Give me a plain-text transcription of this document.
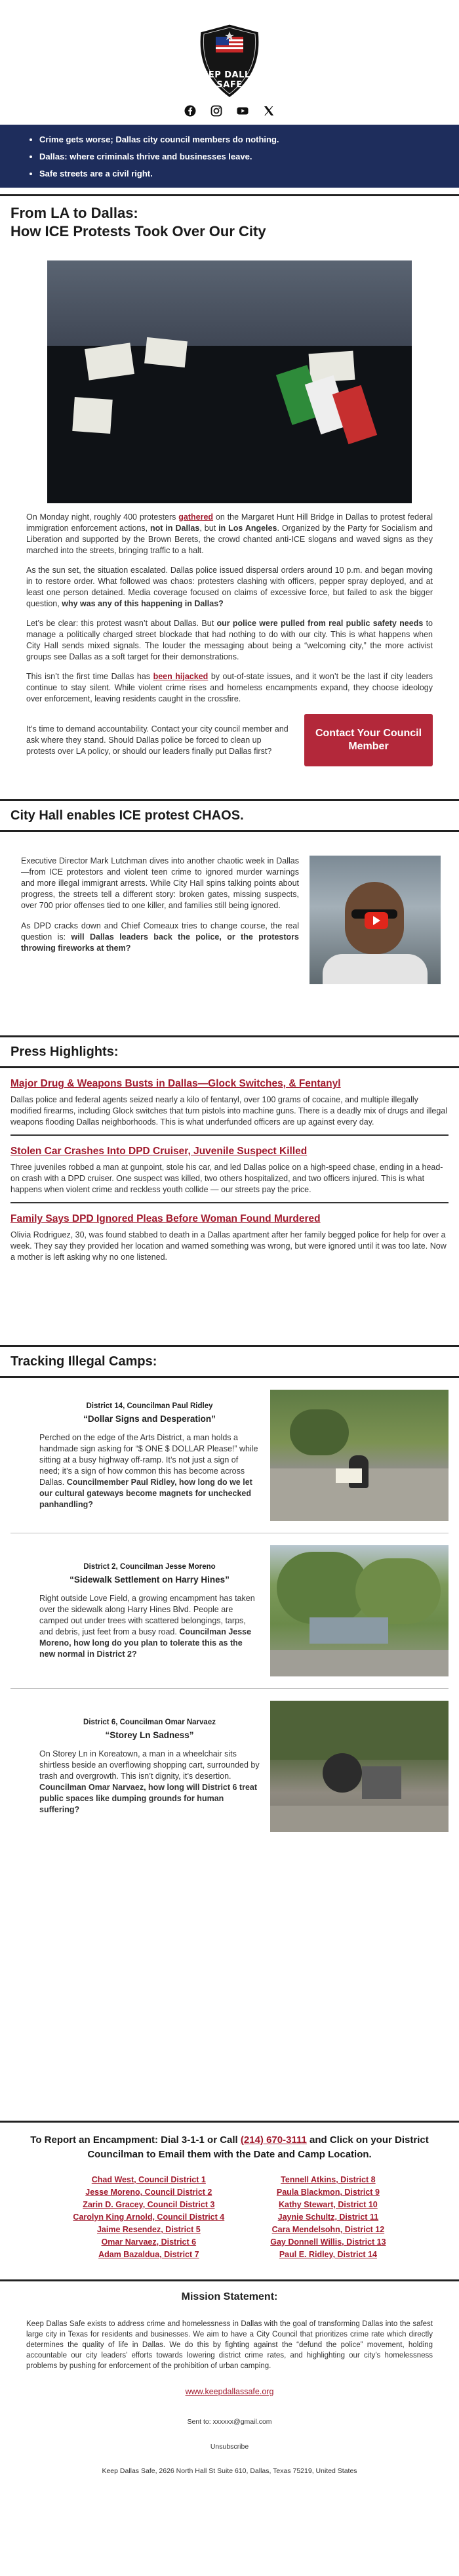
KEEP DALLAS
SAFE
• Crime gets worse; Dallas city council members do nothing.
• Dallas: where criminals thrive and businesses leave.
• Safe streets are a civil right.
From LA to Dallas:
How ICE Protests Took Over Our City

On Monday night, roughly 400 protesters gathered on the Margaret Hunt Hill Bridge in Dallas to protest federal immigration enforcement actions, not in Dallas, but in Los Angeles. Organized by the Party for Socialism and Liberation and supported by the Brown Berets, the crowd chanted anti-ICE slogans and waved signs as they marched into the streets, bringing traffic to a halt.

As the sun set, the situation escalated. Dallas police issued dispersal orders around 10 p.m. and began moving in to restore order. What followed was chaos: protesters clashing with officers, pepper spray deployed, and at least one person detained. Media coverage focused on claims of excessive force, but failed to ask the bigger question, why was any of this happening in Dallas?

Let’s be clear: this protest wasn’t about Dallas. But our police were pulled from real public safety needs to manage a politically charged street blockade that had nothing to do with our city. This is what happens when City Hall sends mixed signals. The louder the messaging about being a “welcoming city,” the more activist groups see Dallas as a soft target for their demonstrations.

This isn’t the first time Dallas has been hijacked by out-of-state issues, and it won’t be the last if city leaders continue to stay silent. While violent crime rises and homeless encampments expand, they choose ideology over enforcement, leaving residents caught in the crossfire.

It’s time to demand accountability. Contact your city council member and ask where they stand. Should Dallas police be forced to clean up protests over LA policy, or should our leaders finally put Dallas first?
Contact Your Council Member
City Hall enables ICE protest CHAOS.

Executive Director Mark Lutchman dives into another chaotic week in Dallas—from ICE protestors and violent teen crime to ignored murder warnings and more illegal immigrant arrests. While City Hall spins talking points about progress, the streets tell a different story: broken gates, missing suspects, over 700 prior offenses tied to one killer, and families still being ignored.

As DPD cracks down and Chief Comeaux tries to change course, the real question is: will Dallas leaders back the police, or the protestors throwing fireworks at them?

Press Highlights:
Major Drug & Weapons Busts in Dallas—Glock Switches, & Fentanyl
Dallas police and federal agents seized nearly a kilo of fentanyl, over 100 grams of cocaine, and multiple illegally modified firearms, including Glock switches that turn pistols into machine guns. There is a deadly mix of drugs and illegal weapons flooding Dallas neighborhoods. This is what underfunded officers are up against every day.
Stolen Car Crashes Into DPD Cruiser, Juvenile Suspect Killed
Three juveniles robbed a man at gunpoint, stole his car, and led Dallas police on a high-speed chase, ending in a head-on crash with a DPD cruiser. One suspect was killed, two others hospitalized, and two officers injured. This is what happens when violent crime and reckless youth collide — our streets pay the price.
Family Says DPD Ignored Pleas Before Woman Found Murdered
Olivia Rodriguez, 30, was found stabbed to death in a Dallas apartment after her family begged police for help for over a week. They say they provided her location and warned something was wrong, but were ignored until it was too late. Now a mother is left asking why no one listened.
Tracking Illegal Camps:
District 14, Councilman Paul Ridley
“Dollar Signs and Desperation”
Perched on the edge of the Arts District, a man holds a handmade sign asking for “$ ONE $ DOLLAR Please!” while sitting at a busy highway off-ramp. It’s not just a sign of need; it’s a sign of how common this has become across Dallas. Councilmember Paul Ridley, how long do we let our cultural gateways become magnets for unchecked panhandling?
District 2, Councilman Jesse Moreno
“Sidewalk Settlement on Harry Hines”
Right outside Love Field, a growing encampment has taken over the sidewalk along Harry Hines Blvd. People are camped out under trees with scattered belongings, tarps, and debris, just feet from a busy road. Councilman Jesse Moreno, how long do you plan to tolerate this as the new normal in District 2?
District 6, Councilman Omar Narvaez
“Storey Ln Sadness”
On Storey Ln in Koreatown, a man in a wheelchair sits shirtless beside an overflowing shopping cart, surrounded by trash and overgrowth. This isn’t dignity, it’s desertion. Councilman Omar Narvaez, how long will District 6 treat public spaces like dumping grounds for human suffering?
To Report an Encampment: Dial 3-1-1 or Call (214) 670-3111 and Click on your District Councilman to Email them with the Date and Camp Location.
Chad West, Council District 1
Jesse Moreno, Council District 2
Zarin D. Gracey, Council District 3
Carolyn King Arnold, Council District 4
Jaime Resendez, District 5
Omar Narvaez, District 6
Adam Bazaldua, District 7
Tennell Atkins, District 8
Paula Blackmon, District 9
Kathy Stewart, District 10
Jaynie Schultz, District 11
Cara Mendelsohn, District 12
Gay Donnell Willis, District 13
Paul E. Ridley, District 14
Mission Statement:
Keep Dallas Safe exists to address crime and homelessness in Dallas with the goal of transforming Dallas into the safest large city in Texas for residents and businesses. We aim to have a City Council that prioritizes crime rate which directly determines the quality of life in Dallas. We do this by fighting against the “defund the police” movement, holding accountable our city leaders’ efforts towards lowering district crime rates, and highlighting our city’s homelessness problems by pushing for enforcement of the prohibition of urban camping.
www.keepdallassafe.org
Sent to: xxxxxx@gmail.com
Unsubscribe
Keep Dallas Safe, 2626 North Hall St Suite 610, Dallas, Texas 75219, United States
